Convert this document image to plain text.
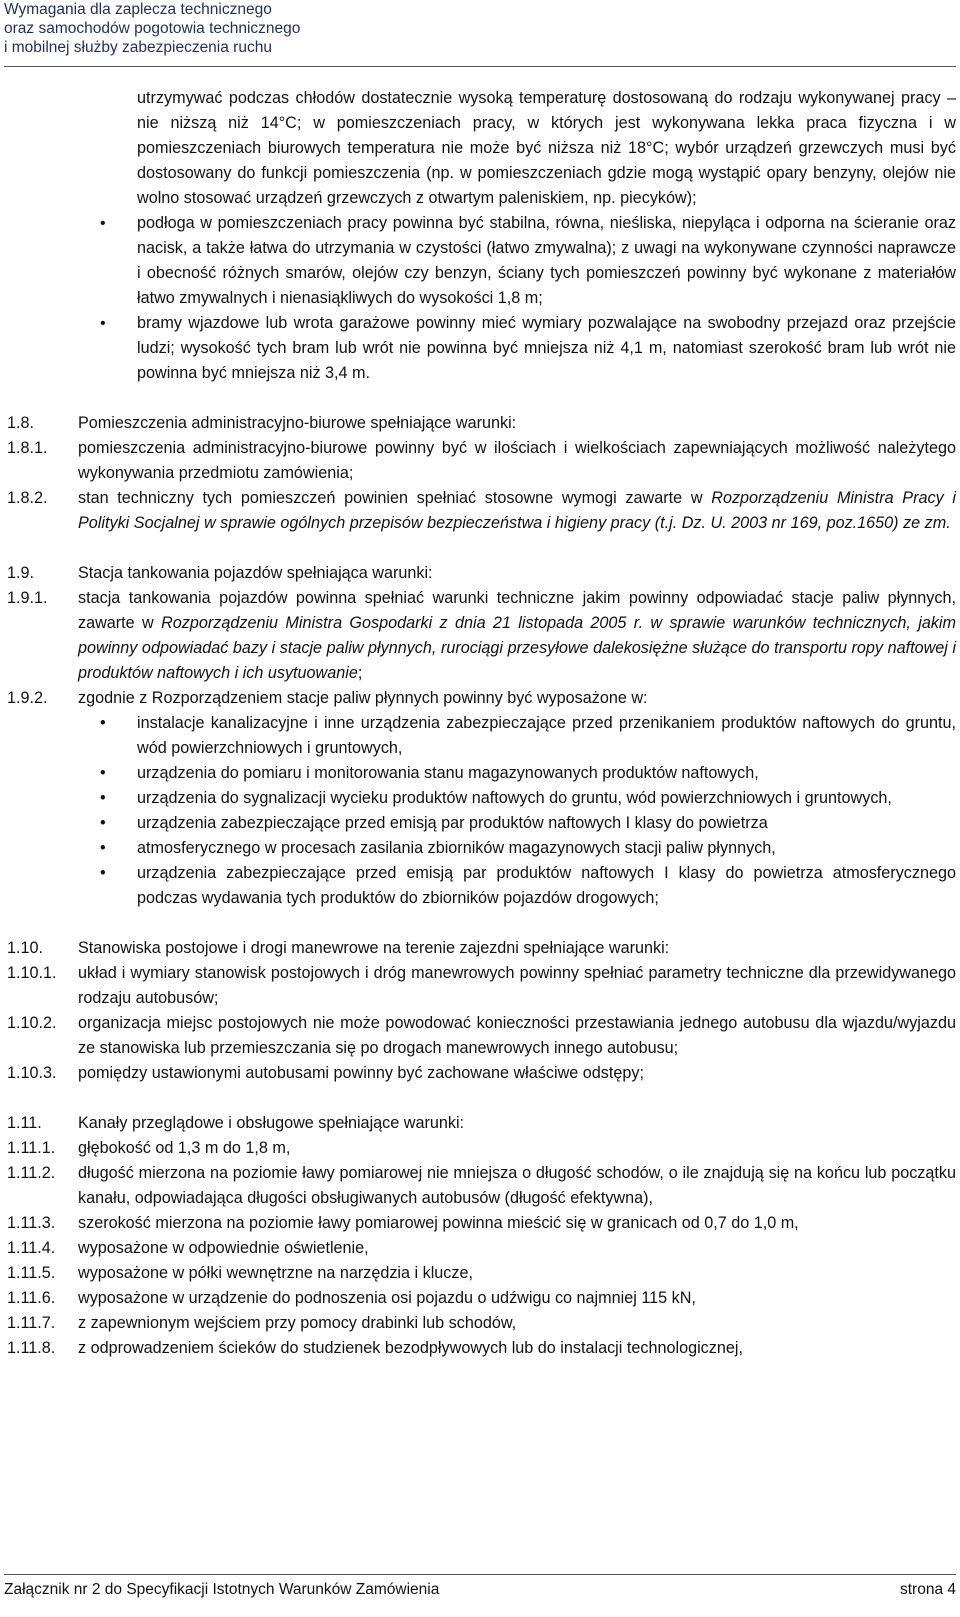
Wymagania dla zaplecza technicznego
oraz samochodów pogotowia technicznego
i mobilnej służby zabezpieczenia ruchu
utrzymywać podczas chłodów dostatecznie wysoką temperaturę dostosowaną do rodzaju wykonywanej pracy – nie niższą niż 14°C; w pomieszczeniach pracy, w których jest wykonywana lekka praca fizyczna i w pomieszczeniach biurowych temperatura nie może być niższa niż 18°C; wybór urządzeń grzewczych musi być dostosowany do funkcji pomieszczenia (np. w pomieszczeniach gdzie mogą wystąpić opary benzyny, olejów nie wolno stosować urządzeń grzewczych z otwartym paleniskiem, np. piecyków);
• podłoga w pomieszczeniach pracy powinna być stabilna, równa, nieśliska, niepyląca i odporna na ścieranie oraz nacisk, a także łatwa do utrzymania w czystości (łatwo zmywalna); z uwagi na wykonywane czynności naprawcze i obecność różnych smarów, olejów czy benzyn, ściany tych pomieszczeń powinny być wykonane z materiałów łatwo zmywalnych i nienasiąkliwych do wysokości 1,8 m;
• bramy wjazdowe lub wrota garażowe powinny mieć wymiary pozwalające na swobodny przejazd oraz przejście ludzi; wysokość tych bram lub wrót nie powinna być mniejsza niż 4,1 m, natomiast szerokość bram lub wrót nie powinna być mniejsza niż 3,4 m.
1.8.	Pomieszczenia administracyjno-biurowe spełniające warunki:
1.8.1. pomieszczenia administracyjno-biurowe powinny być w ilościach i wielkościach zapewniających możliwość należytego wykonywania przedmiotu zamówienia;
1.8.2. stan techniczny tych pomieszczeń powinien spełniać stosowne wymogi zawarte w Rozporządzeniu Ministra Pracy i Polityki Socjalnej w sprawie ogólnych przepisów bezpieczeństwa i higieny pracy (t.j. Dz. U. 2003 nr 169, poz.1650) ze zm.
1.9.	Stacja tankowania pojazdów spełniająca warunki:
1.9.1. stacja tankowania pojazdów powinna spełniać warunki techniczne jakim powinny odpowiadać stacje paliw płynnych, zawarte w Rozporządzeniu Ministra Gospodarki z dnia 21 listopada 2005 r. w sprawie warunków technicznych, jakim powinny odpowiadać bazy i stacje paliw płynnych, rurociągi przesyłowe dalekosiężne służące do transportu ropy naftowej i produktów naftowych i ich usytuowanie;
1.9.2. zgodnie z Rozporządzeniem stacje paliw płynnych powinny być wyposażone w:
• instalacje kanalizacyjne i inne urządzenia zabezpieczające przed przenikaniem produktów naftowych do gruntu, wód powierzchniowych i gruntowych,
• urządzenia do pomiaru i monitorowania stanu magazynowanych produktów naftowych,
• urządzenia do sygnalizacji wycieku produktów naftowych do gruntu, wód powierzchniowych i gruntowych,
• urządzenia zabezpieczające przed emisją par produktów naftowych I klasy do powietrza
• atmosferycznego w procesach zasilania zbiorników magazynowych stacji paliw płynnych,
• urządzenia zabezpieczające przed emisją par produktów naftowych I klasy do powietrza atmosferycznego podczas wydawania tych produktów do zbiorników pojazdów drogowych;
1.10. Stanowiska postojowe i drogi manewrowe na terenie zajezdni spełniające warunki:
1.10.1. układ i wymiary stanowisk postojowych i dróg manewrowych powinny spełniać parametry techniczne dla przewidywanego rodzaju autobusów;
1.10.2. organizacja miejsc postojowych nie może powodować konieczności przestawiania jednego autobusu dla wjazdu/wyjazdu ze stanowiska lub przemieszczania się po drogach manewrowych innego autobusu;
1.10.3. pomiędzy ustawionymi autobusami powinny być zachowane właściwe odstępy;
1.11. Kanały przeglądowe i obsługowe spełniające warunki:
1.11.1. głębokość od 1,3 m do 1,8 m,
1.11.2. długość mierzona na poziomie ławy pomiarowej nie mniejsza o długość schodów, o ile znajdują się na końcu lub początku kanału, odpowiadająca długości obsługiwanych autobusów (długość efektywna),
1.11.3. szerokość mierzona na poziomie ławy pomiarowej powinna mieścić się w granicach od 0,7 do 1,0 m,
1.11.4. wyposażone w odpowiednie oświetlenie,
1.11.5. wyposażone w półki wewnętrzne na narzędzia i klucze,
1.11.6. wyposażone w urządzenie do podnoszenia osi pojazdu o udźwigu co najmniej 115 kN,
1.11.7. z zapewnionym wejściem przy pomocy drabinki lub schodów,
1.11.8. z odprowadzeniem ścieków do studzienek bezodpływowych lub do instalacji technologicznej,
Załącznik nr 2 do Specyfikacji Istotnych Warunków Zamówienia	strona 4
